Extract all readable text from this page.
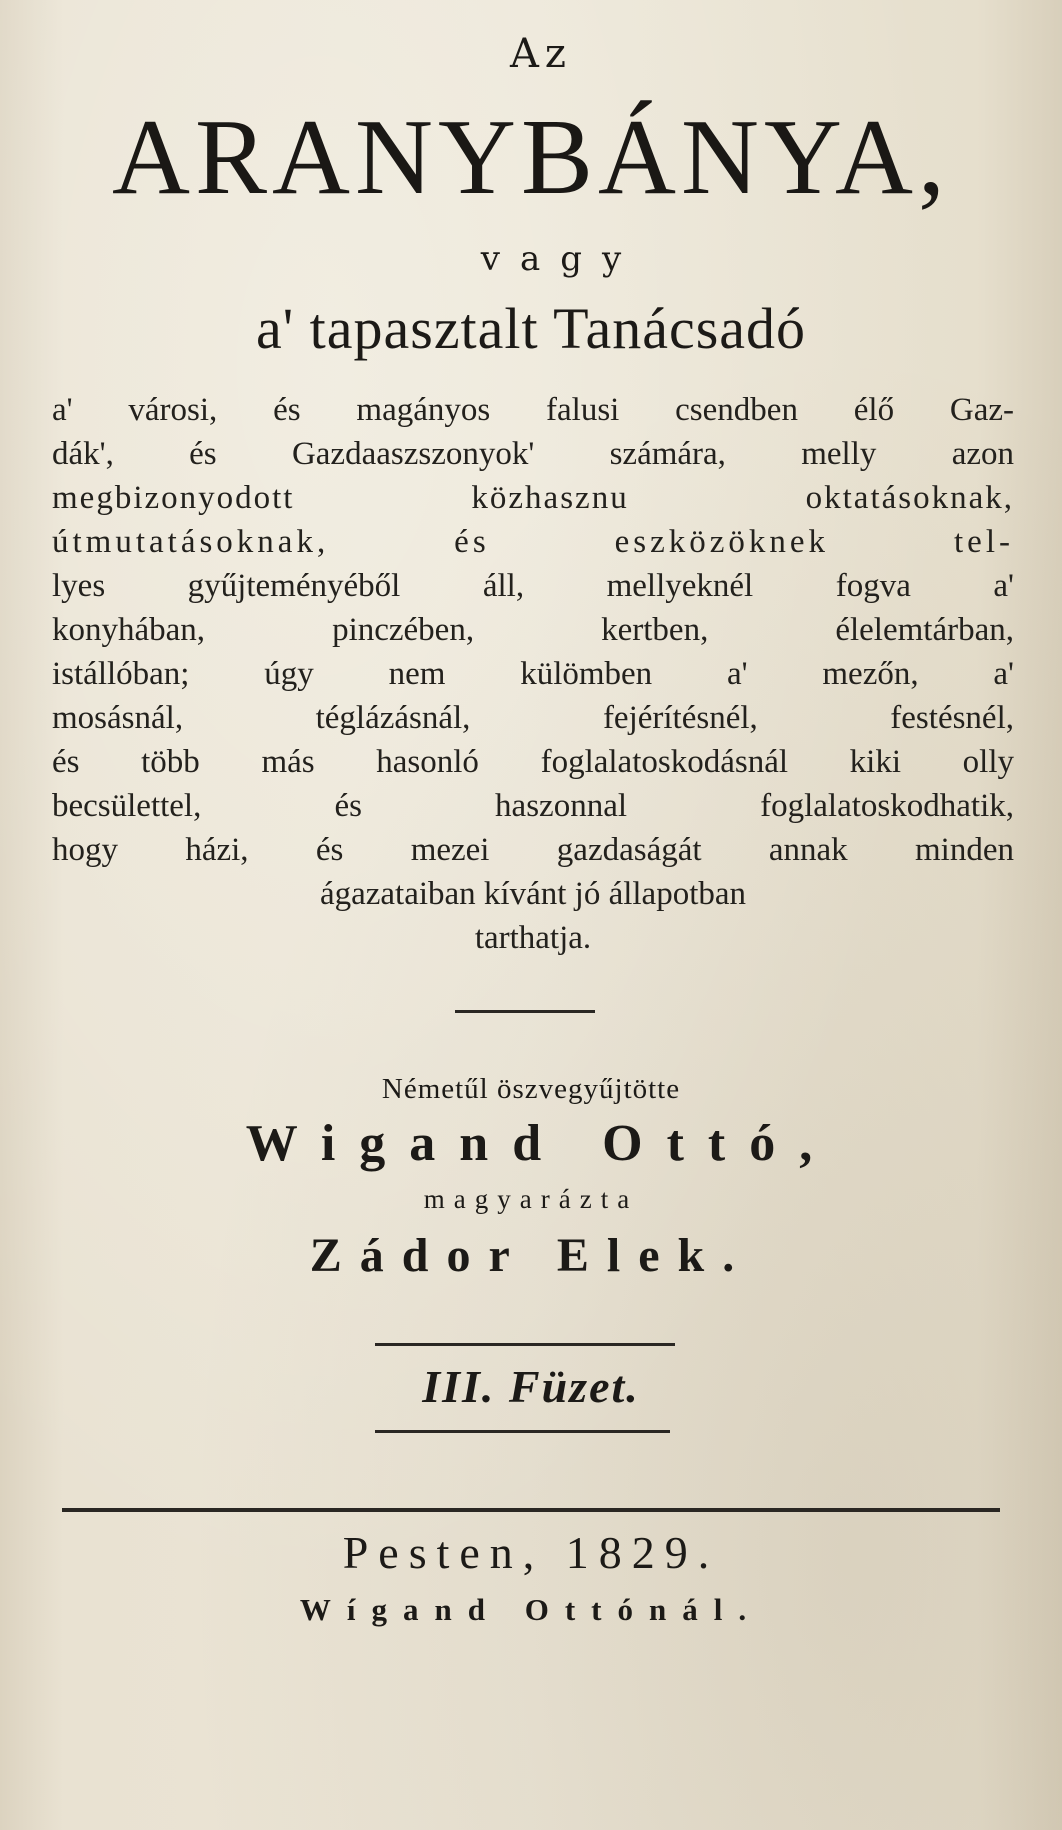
Az
ARANYBÁNYA,
vagy
a' tapasztalt Tanácsadó
a' városi, és magányos falusi csendben élő Gaz-
dák', és Gazdaaszszonyok' számára, melly azon
megbizonyodott közhasznu oktatásoknak,
útmutatásoknak, és eszközöknek tel-
lyes gyűjteményéből áll, mellyeknél fogva a'
konyhában, pinczében, kertben, élelemtárban,
istállóban; úgy nem külömben a' mezőn, a'
mosásnál, téglázásnál, fejérítésnél, festésnél,
és több más hasonló foglalatoskodásnál kiki olly
becsülettel, és haszonnal foglalatoskodhatik,
hogy házi, és mezei gazdaságát annak minden
ágazataiban kívánt jó állapotban
tarthatja.
Németűl öszvegyűjtötte
Wigand Ottó,
magyarázta
Zádor Elek.
III. Füzet.
Pesten, 1829.
Wígand Ottónál.
